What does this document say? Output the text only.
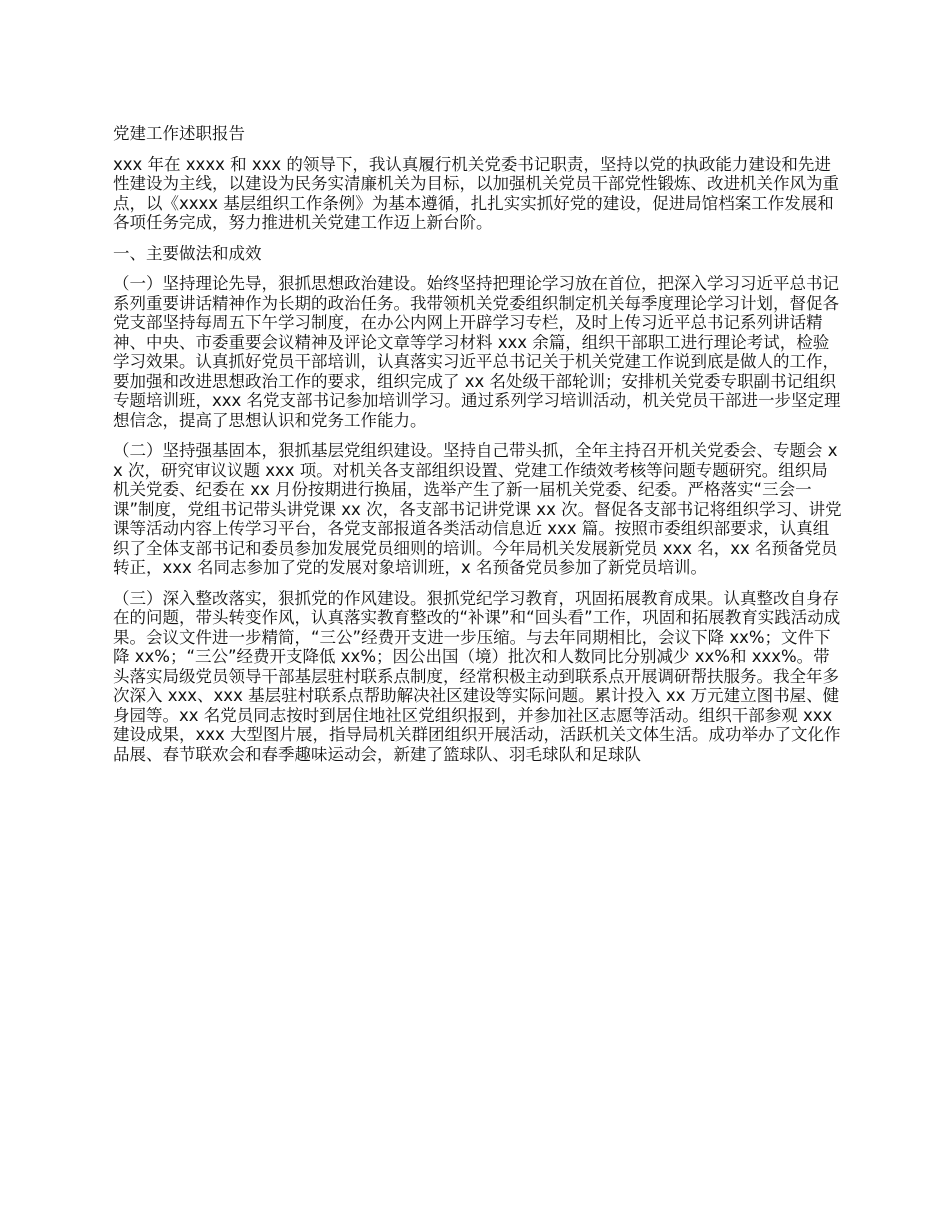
党建工作述职报告
xxx 年在 xxxx 和 xxx 的领导下，我认真履行机关党委书记职责，坚持以党的执政能力建设和先进性建设为主线，以建设为民务实清廉机关为目标，以加强机关党员干部党性锻炼、改进机关作风为重点，以《xxxx 基层组织工作条例》为基本遵循，扎扎实实抓好党的建设，促进局馆档案工作发展和各项任务完成，努力推进机关党建工作迈上新台阶。
一、主要做法和成效
（一）坚持理论先导，狠抓思想政治建设。始终坚持把理论学习放在首位，把深入学习习近平总书记系列重要讲话精神作为长期的政治任务。我带领机关党委组织制定机关每季度理论学习计划，督促各党支部坚持每周五下午学习制度，在办公内网上开辟学习专栏，及时上传习近平总书记系列讲话精神、中央、市委重要会议精神及评论文章等学习材料 xxx 余篇，组织干部职工进行理论考试，检验学习效果。认真抓好党员干部培训，认真落实习近平总书记关于机关党建工作说到底是做人的工作，要加强和改进思想政治工作的要求，组织完成了 xx 名处级干部轮训；安排机关党委专职副书记组织专题培训班，xxx 名党支部书记参加培训学习。通过系列学习培训活动，机关党员干部进一步坚定理想信念，提高了思想认识和党务工作能力。
（二）坚持强基固本，狠抓基层党组织建设。坚持自己带头抓，全年主持召开机关党委会、专题会 xx 次，研究审议议题 xxx 项。对机关各支部组织设置、党建工作绩效考核等问题专题研究。组织局机关党委、纪委在 xx 月份按期进行换届，选举产生了新一届机关党委、纪委。严格落实“三会一课”制度，党组书记带头讲党课 xx 次，各支部书记讲党课 xx 次。督促各支部书记将组织学习、讲党课等活动内容上传学习平台，各党支部报道各类活动信息近 xxx 篇。按照市委组织部要求，认真组织了全体支部书记和委员参加发展党员细则的培训。今年局机关发展新党员 xxx 名，xx 名预备党员转正，xxx 名同志参加了党的发展对象培训班，x 名预备党员参加了新党员培训。
（三）深入整改落实，狠抓党的作风建设。狠抓党纪学习教育，巩固拓展教育成果。认真整改自身存在的问题，带头转变作风，认真落实教育整改的“补课”和“回头看”工作，巩固和拓展教育实践活动成果。会议文件进一步精简，“三公”经费开支进一步压缩。与去年同期相比，会议下降 xx%；文件下降 xx%；“三公”经费开支降低 xx%；因公出国（境）批次和人数同比分别减少 xx%和 xxx%。带头落实局级党员领导干部基层驻村联系点制度，经常积极主动到联系点开展调研帮扶服务。我全年多次深入 xxx、xxx 基层驻村联系点帮助解决社区建设等实际问题。累计投入 xx 万元建立图书屋、健身园等。xx 名党员同志按时到居住地社区党组织报到，并参加社区志愿等活动。组织干部参观 xxx 建设成果，xxx 大型图片展，指导局机关群团组织开展活动，活跃机关文体生活。成功举办了文化作品展、春节联欢会和春季趣味运动会，新建了篮球队、羽毛球队和足球队
